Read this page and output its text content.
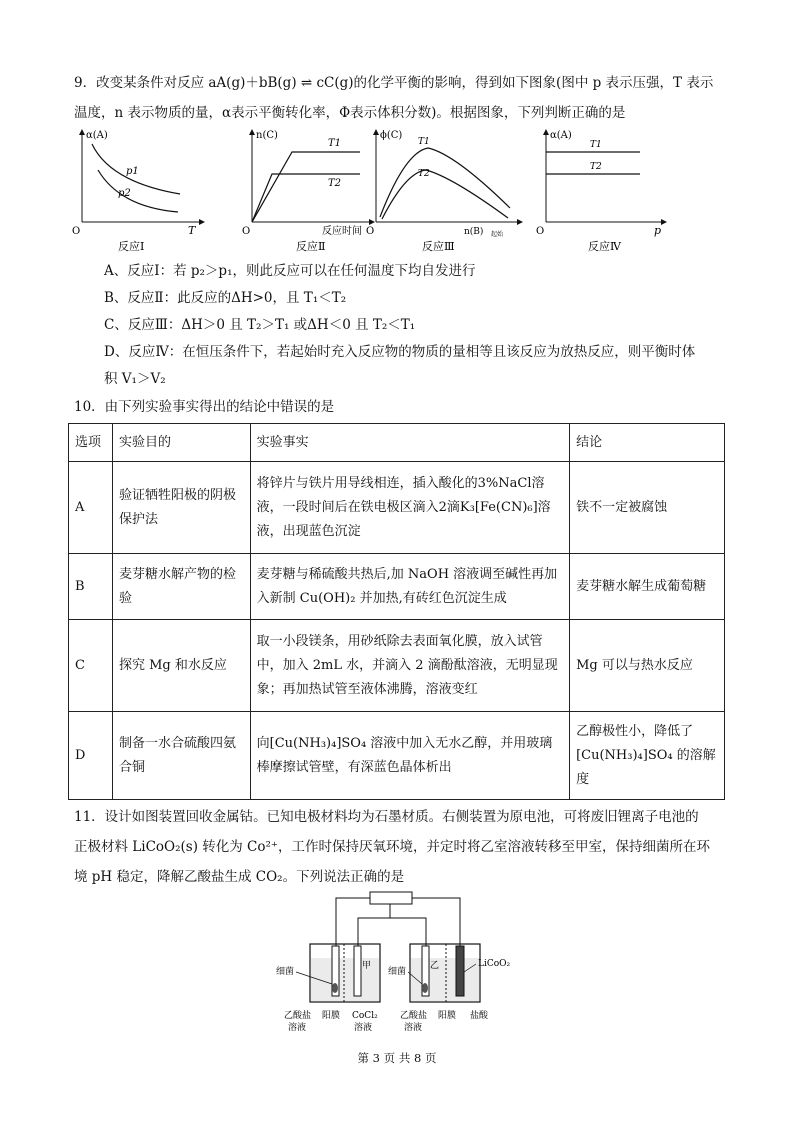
9．改变某条件对反应 aA(g)＋bB(g) ⇌ cC(g)的化学平衡的影响，得到如下图象(图中 p 表示压强，T 表示
温度，n 表示物质的量，α表示平衡转化率，Φ表示体积分数)。根据图象，下列判断正确的是
α(A)
T
O
p1
p2
反应Ⅰ
n(C)
反应时间
O
T1
T2
反应Ⅱ
ϕ(C)
n(B) 起始
O
T1
T2
反应Ⅲ
α(A)
p
O
T1
T2
反应Ⅳ
A、反应Ⅰ：若 p₂＞p₁，则此反应可以在任何温度下均自发进行
B、反应Ⅱ：此反应的ΔH>0，且 T₁＜T₂
C、反应Ⅲ：ΔH＞0 且 T₂＞T₁ 或ΔH＜0 且 T₂＜T₁
D、反应Ⅳ：在恒压条件下，若起始时充入反应物的物质的量相等且该反应为放热反应，则平衡时体
积 V₁＞V₂
10．由下列实验事实得出的结论中错误的是
选项	实验目的	实验事实	结论
A	验证牺牲阳极的阴极保护法	将锌片与铁片用导线相连，插入酸化的3%NaCl溶液，一段时间后在铁电极区滴入2滴K₃[Fe(CN)₆]溶液，出现蓝色沉淀	铁不一定被腐蚀
B	麦芽糖水解产物的检验	麦芽糖与稀硫酸共热后,加 NaOH 溶液调至碱性再加入新制 Cu(OH)₂ 并加热,有砖红色沉淀生成	麦芽糖水解生成葡萄糖
C	探究 Mg 和水反应	取一小段镁条，用砂纸除去表面氧化膜，放入试管中，加入 2mL 水，并滴入 2 滴酚酞溶液，无明显现象；再加热试管至液体沸腾，溶液变红	Mg 可以与热水反应
D	制备一水合硫酸四氨合铜	向[Cu(NH₃)₄]SO₄ 溶液中加入无水乙醇，并用玻璃棒摩擦试管壁，有深蓝色晶体析出	乙醇极性小，降低了[Cu(NH₃)₄]SO₄ 的溶解度
11．设计如图装置回收金属钴。已知电极材料均为石墨材质。右侧装置为原电池，可将废旧锂离子电池的
正极材料 LiCoO₂(s) 转化为 Co²⁺，工作时保持厌氧环境，并定时将乙室溶液转移至甲室，保持细菌所在环
境 pH 稳定，降解乙酸盐生成 CO₂。下列说法正确的是
甲	乙
细菌	细菌
LiCoO₂
乙酸盐
溶液
阳膜 CoCl₂
溶液
乙酸盐
溶液
阳膜 盐酸
第 3 页 共 8 页
